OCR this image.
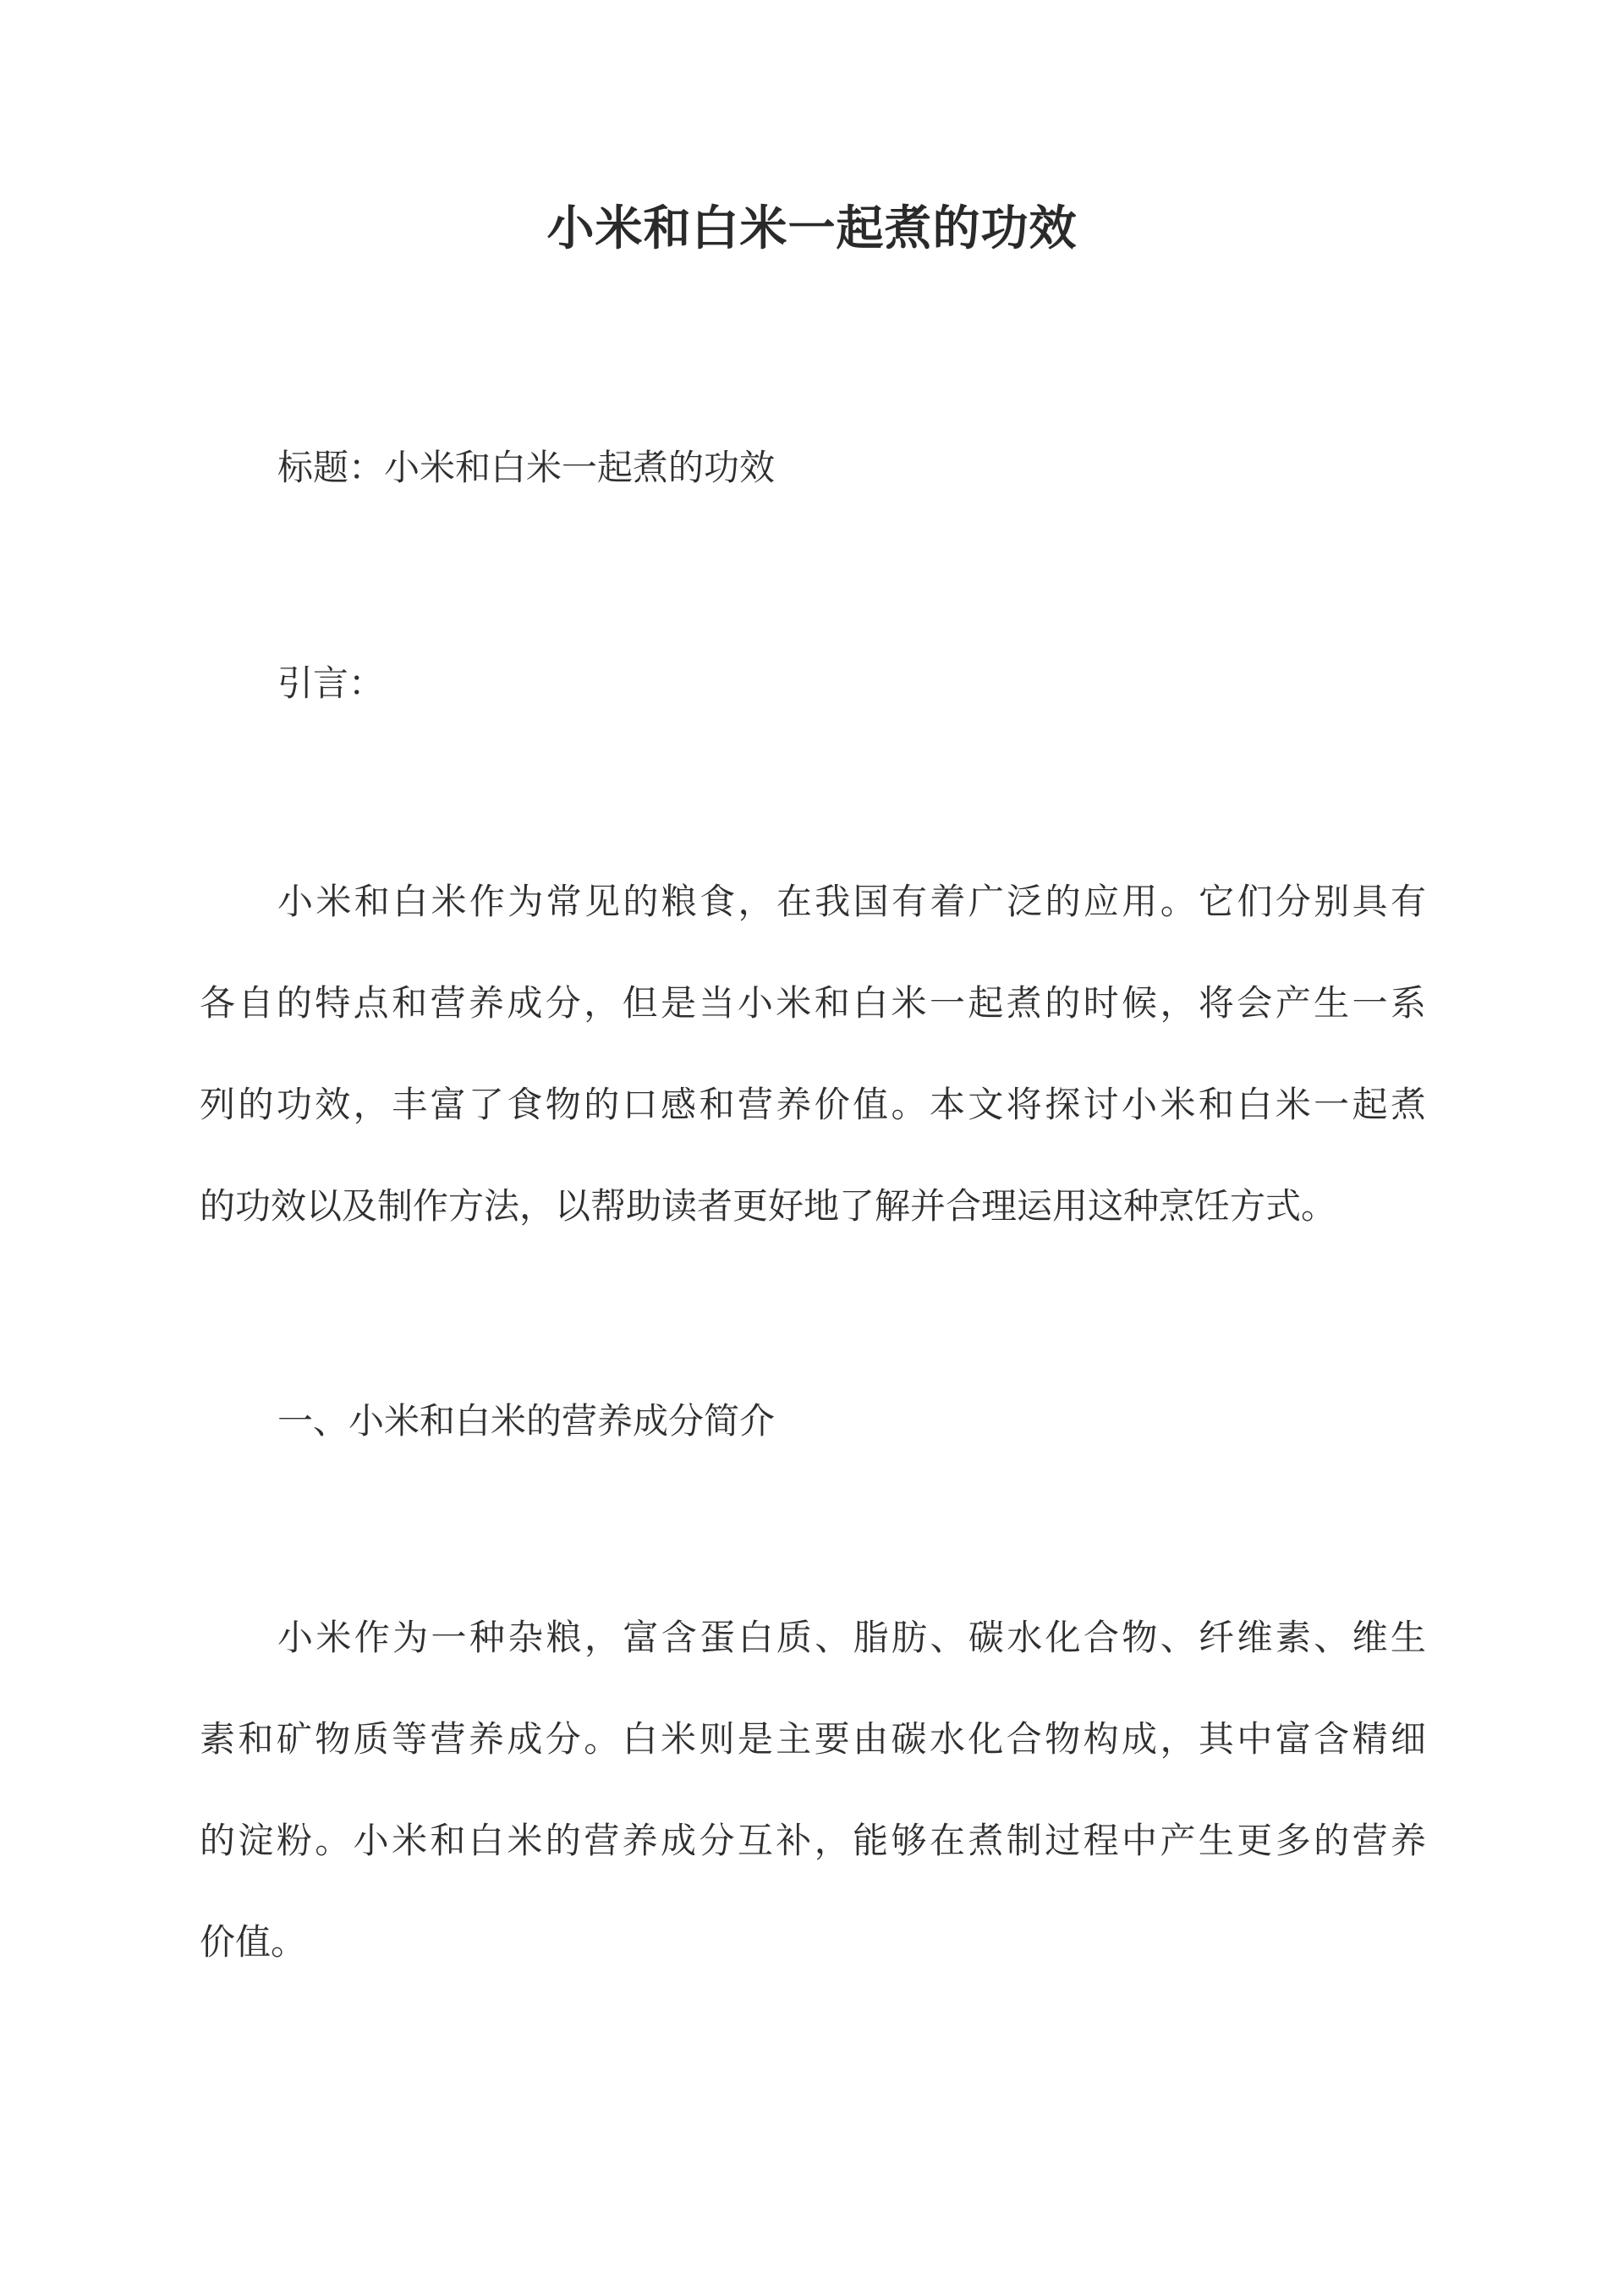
小米和白米一起煮的功效

标题：小米和白米一起煮的功效

引言：

小米和白米作为常见的粮食，在我国有着广泛的应用。它们分别具有
各自的特点和营养成分，但是当小米和白米一起煮的时候，将会产生一系
列的功效，丰富了食物的口感和营养价值。本文将探讨小米和白米一起煮
的功效以及制作方法，以帮助读者更好地了解并合理运用这种烹饪方式。

一、小米和白米的营养成分简介

小米作为一种杂粮，富含蛋白质、脂肪、碳水化合物、纤维素、维生
素和矿物质等营养成分。白米则是主要由碳水化合物构成，其中富含精细
的淀粉。小米和白米的营养成分互补，能够在煮制过程中产生更多的营养
价值。
